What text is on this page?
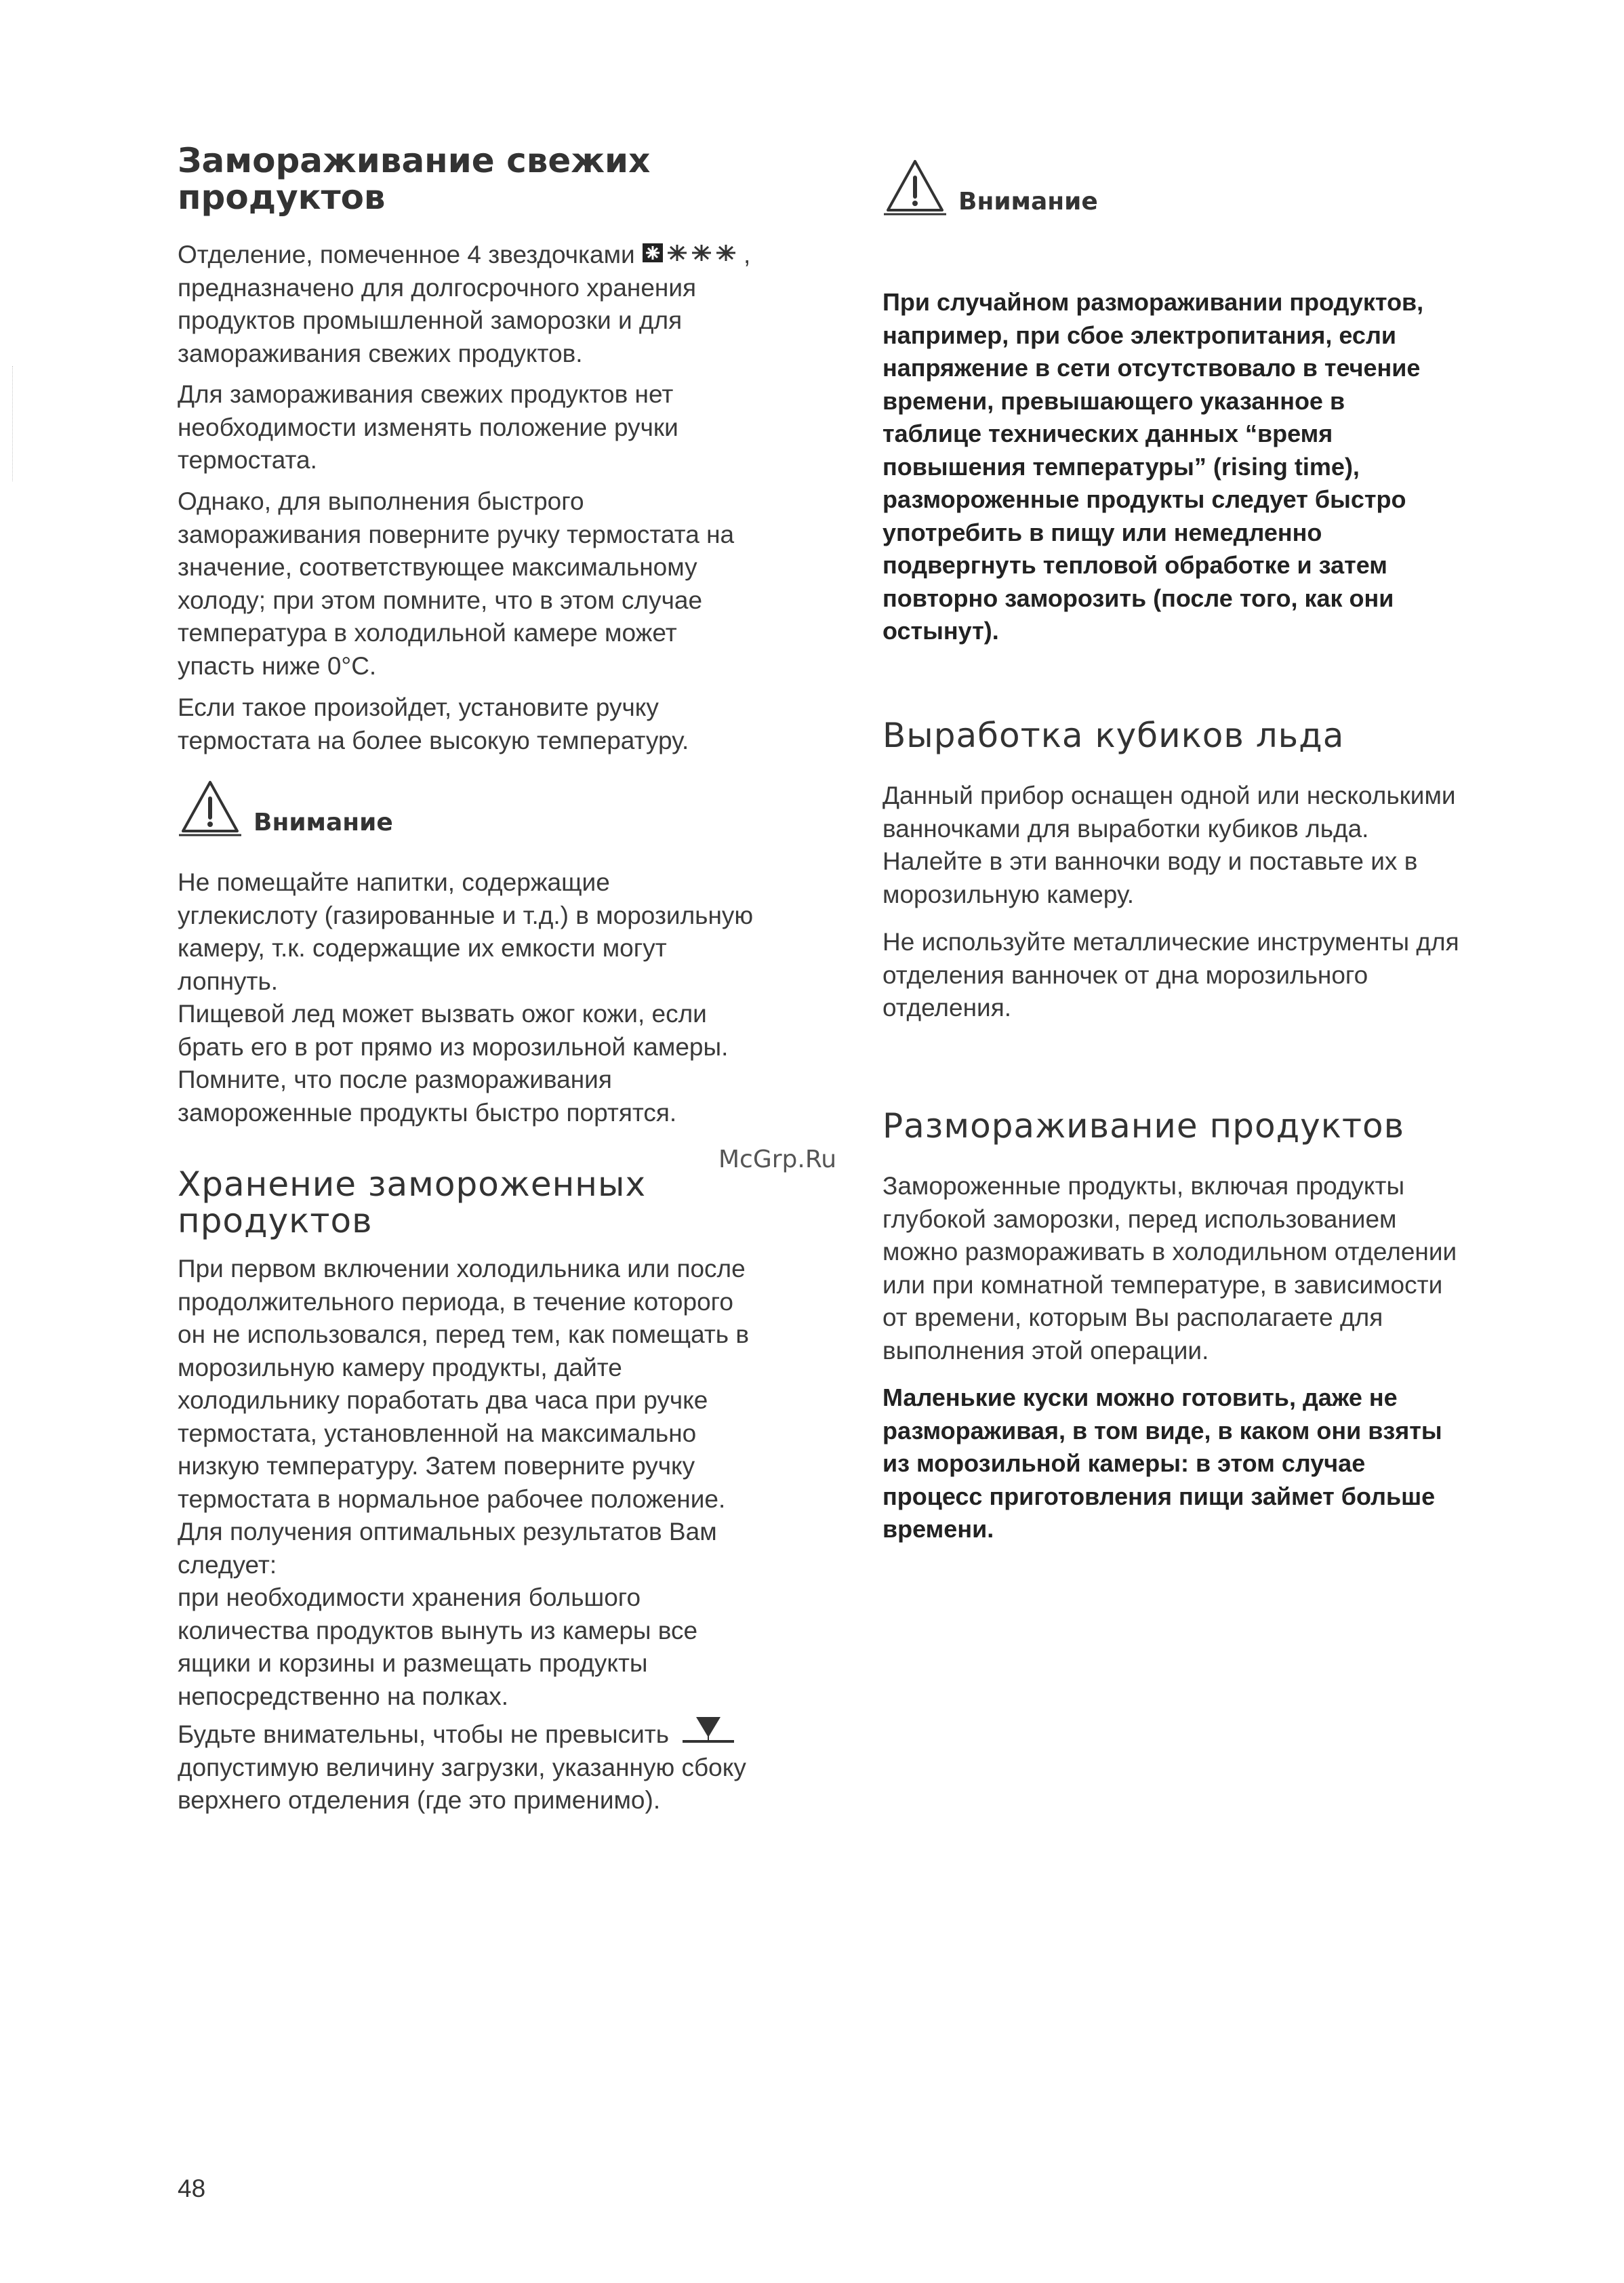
Замораживание свежих
продуктов
Отделение, помеченное 4 звездочками	,
предназначено для долгосрочного хранения
продуктов промышленной заморозки и для
замораживания свежих продуктов.
Для замораживания свежих продуктов нет
необходимости изменять положение ручки
термостата.
Однако, для выполнения быстрого
замораживания поверните ручку термостата на
значение, соответствующее максимальному
холоду; при этом помните, что в этом случае
температура в холодильной камере может
упасть ниже 0°C.
Если такое произойдет, установите ручку
термостата на более высокую температуру.
Внимание
Не помещайте напитки, содержащие
углекислоту (газированные и т.д.) в морозильную
камеру, т.к. содержащие их емкости могут
лопнуть.
Пищевой лед может вызвать ожог кожи, если
брать его в рот прямо из морозильной камеры.
Помните, что после размораживания
замороженные продукты быстро портятся.
Хранение замороженных
продуктов
При первом включении холодильника или после
продолжительного периода, в течение которого
он не использовался, перед тем, как помещать в
морозильную камеру продукты, дайте
холодильнику поработать два часа при ручке
термостата, установленной на максимально
низкую температуру. Затем поверните ручку
термостата в нормальное рабочее положение.
Для получения оптимальных результатов Вам
следует:
при необходимости хранения большого
количества продуктов вынуть из камеры все
ящики и корзины и размещать продукты
непосредственно на полках.
Будьте внимательны, чтобы не превысить
допустимую величину загрузки, указанную сбоку
верхнего отделения (где это применимо).
Внимание
При случайном размораживании продуктов,
например, при сбое электропитания, если
напряжение в сети отсутствовало в течение
времени, превышающего указанное в
таблице технических данных “время
повышения температуры” (rising time),
размороженные продукты следует быстро
употребить в пищу или немедленно
подвергнуть тепловой обработке и затем
повторно заморозить (после того, как они
остынут).
Выработка кубиков льда
Данный прибор оснащен одной или несколькими
ванночками для выработки кубиков льда.
Налейте в эти ванночки воду и поставьте их в
морозильную камеру.
Не используйте металлические инструменты для
отделения ванночек от дна морозильного
отделения.
Размораживание продуктов
Замороженные продукты, включая продукты
глубокой заморозки, перед использованием
можно размораживать в холодильном отделении
или при комнатной температуре, в зависимости
от времени, которым Вы располагаете для
выполнения этой операции.
Маленькие куски можно готовить, даже не
размораживая, в том виде, в каком они взяты
из морозильной камеры: в этом случае
процесс приготовления пищи займет больше
времени.
McGrp.Ru
48
